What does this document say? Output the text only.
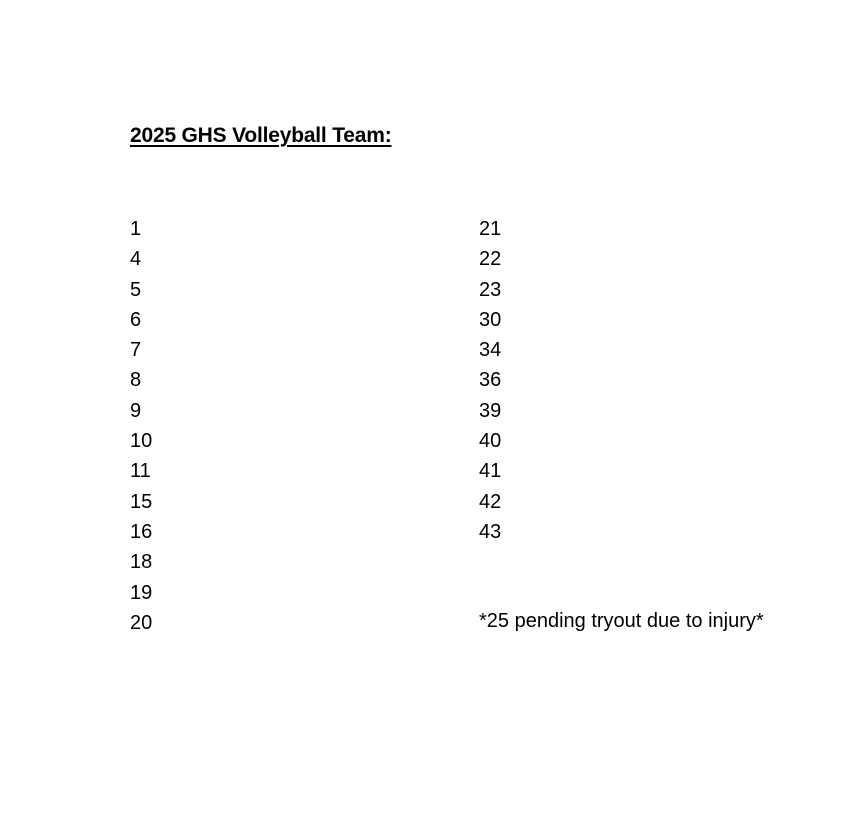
2025 GHS Volleyball Team:
1
4
5
6
7
8
9
10
11
15
16
18
19
20
21
22
23
30
34
36
39
40
41
42
43
*25 pending tryout due to injury*
